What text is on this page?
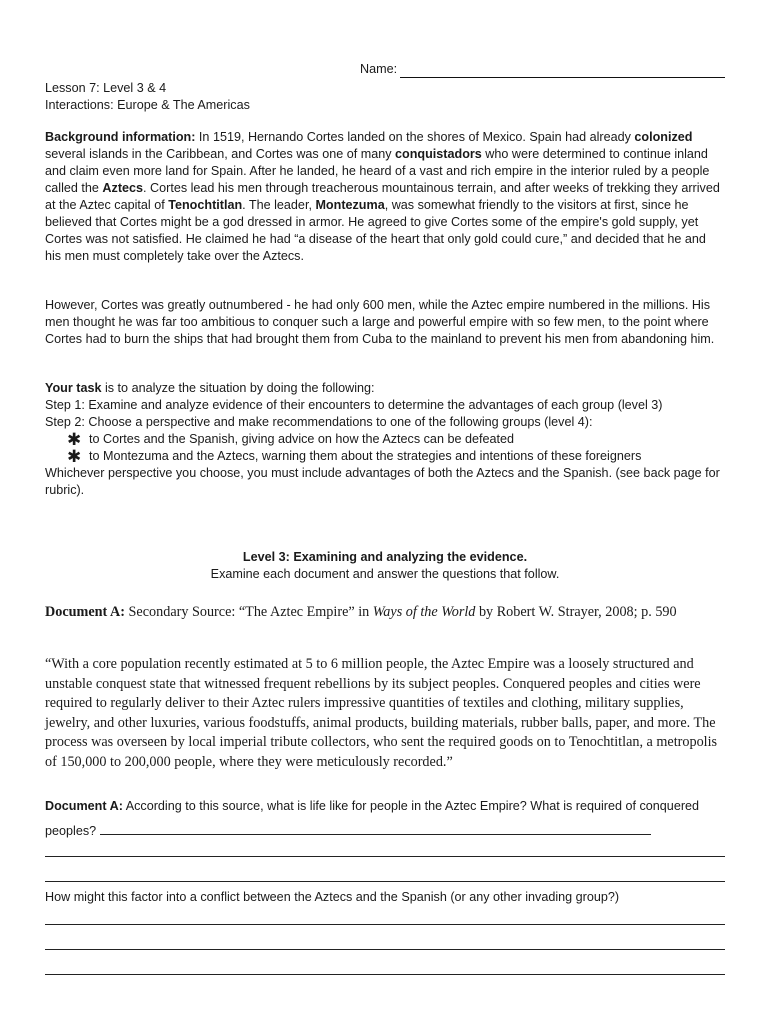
Name:
Lesson 7: Level 3 & 4
Interactions: Europe & The Americas

Background information: In 1519, Hernando Cortes landed on the shores of Mexico. Spain had already colonized several islands in the Caribbean, and Cortes was one of many conquistadors who were determined to continue inland and claim even more land for Spain. After he landed, he heard of a vast and rich empire in the interior ruled by a people called the Aztecs. Cortes lead his men through treacherous mountainous terrain, and after weeks of trekking they arrived at the Aztec capital of Tenochtitlan. The leader, Montezuma, was somewhat friendly to the visitors at first, since he believed that Cortes might be a god dressed in armor. He agreed to give Cortes some of the empire's gold supply, yet Cortes was not satisfied. He claimed he had “a disease of the heart that only gold could cure,” and decided that he and his men must completely take over the Aztecs.

However, Cortes was greatly outnumbered - he had only 600 men, while the Aztec empire numbered in the millions. His men thought he was far too ambitious to conquer such a large and powerful empire with so few men, to the point where Cortes had to burn the ships that had brought them from Cuba to the mainland to prevent his men from abandoning him.

Your task is to analyze the situation by doing the following:
Step 1: Examine and analyze evidence of their encounters to determine the advantages of each group (level 3)
Step 2: Choose a perspective and make recommendations to one of the following groups (level 4):
✱ to Cortes and the Spanish, giving advice on how the Aztecs can be defeated
✱ to Montezuma and the Aztecs, warning them about the strategies and intentions of these foreigners
Whichever perspective you choose, you must include advantages of both the Aztecs and the Spanish. (see back page for rubric).
Level 3: Examining and analyzing the evidence.
Examine each document and answer the questions that follow.

Document A: Secondary Source: “The Aztec Empire” in Ways of the World by Robert W. Strayer, 2008; p. 590

“With a core population recently estimated at 5 to 6 million people, the Aztec Empire was a loosely structured and unstable conquest state that witnessed frequent rebellions by its subject peoples. Conquered peoples and cities were required to regularly deliver to their Aztec rulers impressive quantities of textiles and clothing, military supplies, jewelry, and other luxuries, various foodstuffs, animal products, building materials, rubber balls, paper, and more. The process was overseen by local imperial tribute collectors, who sent the required goods on to Tenochtitlan, a metropolis of 150,000 to 200,000 people, where they were meticulously recorded.”

Document A: According to this source, what is life like for people in the Aztec Empire? What is required of conquered peoples?

How might this factor into a conflict between the Aztecs and the Spanish (or any other invading group?)
